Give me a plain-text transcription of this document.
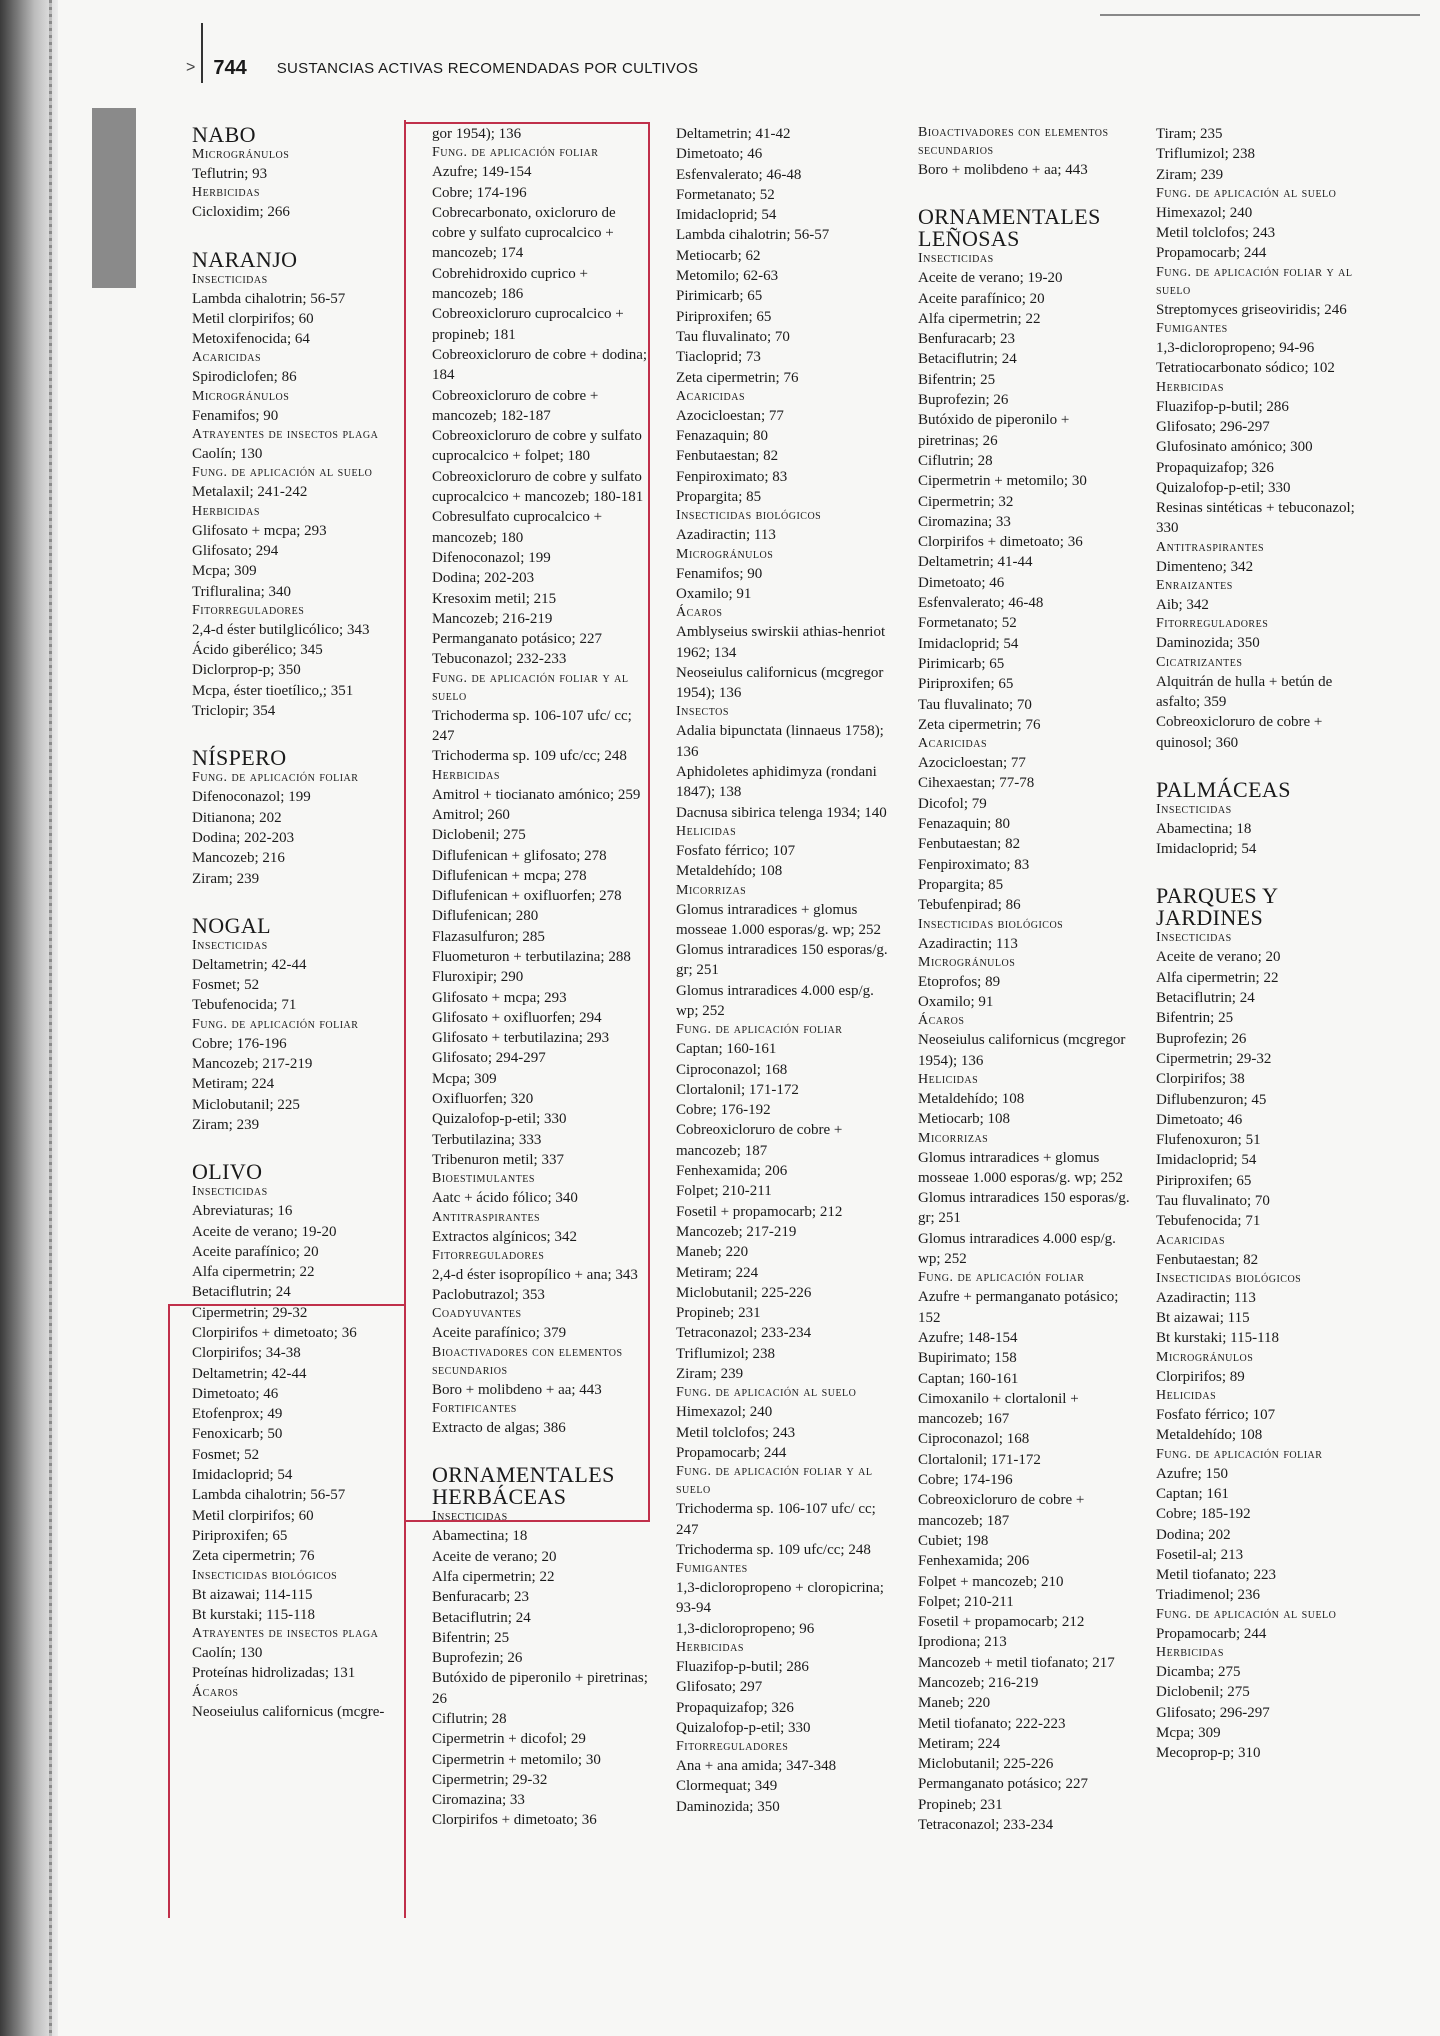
> 744 SUSTANCIAS ACTIVAS RECOMENDADAS POR CULTIVOS
NABO

Microgránulos

Teflutrin; 93

Herbicidas

Cicloxidim; 266

NARANJO

Insecticidas

Lambda cihalotrin; 56-57

Metil clorpirifos; 60

Metoxifenocida; 64

Acaricidas

Spirodiclofen; 86

Microgránulos

Fenamifos; 90

Atrayentes de insectos plaga

Caolín; 130

Fung. de aplicación al suelo

Metalaxil; 241-242

Herbicidas

Glifosato + mcpa; 293

Glifosato; 294

Mcpa; 309

Trifluralina; 340

Fitorreguladores

2,4-d éster butilglicólico; 343

Ácido giberélico; 345

Diclorprop-p; 350

Mcpa, éster tioetílico,; 351

Triclopir; 354

NÍSPERO

Fung. de aplicación foliar

Difenoconazol; 199

Ditianona; 202

Dodina; 202-203

Mancozeb; 216

Ziram; 239

NOGAL

Insecticidas

Deltametrin; 42-44

Fosmet; 52

Tebufenocida; 71

Fung. de aplicación foliar

Cobre; 176-196

Mancozeb; 217-219

Metiram; 224

Miclobutanil; 225

Ziram; 239

OLIVO

Insecticidas

Abreviaturas; 16

Aceite de verano; 19-20

Aceite parafínico; 20

Alfa cipermetrin; 22

Betaciflutrin; 24

Cipermetrin; 29-32

Clorpirifos + dimetoato; 36

Clorpirifos; 34-38

Deltametrin; 42-44

Dimetoato; 46

Etofenprox; 49

Fenoxicarb; 50

Fosmet; 52

Imidacloprid; 54

Lambda cihalotrin; 56-57

Metil clorpirifos; 60

Piriproxifen; 65

Zeta cipermetrin; 76

Insecticidas biológicos

Bt aizawai; 114-115

Bt kurstaki; 115-118

Atrayentes de insectos plaga

Caolín; 130

Proteínas hidrolizadas; 131

Ácaros

Neoseiulus californicus (mcgre-

gor 1954); 136

Fung. de aplicación foliar

Azufre; 149-154

Cobre; 174-196

Cobrecarbonato, oxicloruro de cobre y sulfato cuprocalcico + mancozeb; 174

Cobrehidroxido cuprico + mancozeb; 186

Cobreoxicloruro cuprocalcico + propineb; 181

Cobreoxicloruro de cobre + dodina; 184

Cobreoxicloruro de cobre + mancozeb; 182-187

Cobreoxicloruro de cobre y sulfato cuprocalcico + folpet; 180

Cobreoxicloruro de cobre y sulfato cuprocalcico + mancozeb; 180-181

Cobresulfato cuprocalcico + mancozeb; 180

Difenoconazol; 199

Dodina; 202-203

Kresoxim metil; 215

Mancozeb; 216-219

Permanganato potásico; 227

Tebuconazol; 232-233

Fung. de aplicación foliar y al suelo

Trichoderma sp. 106-107 ufc/ cc; 247

Trichoderma sp. 109 ufc/cc; 248

Herbicidas

Amitrol + tiocianato amónico; 259

Amitrol; 260

Diclobenil; 275

Diflufenican + glifosato; 278

Diflufenican + mcpa; 278

Diflufenican + oxifluorfen; 278

Diflufenican; 280

Flazasulfuron; 285

Fluometuron + terbutilazina; 288

Fluroxipir; 290

Glifosato + mcpa; 293

Glifosato + oxifluorfen; 294

Glifosato + terbutilazina; 293

Glifosato; 294-297

Mcpa; 309

Oxifluorfen; 320

Quizalofop-p-etil; 330

Terbutilazina; 333

Tribenuron metil; 337

Bioestimulantes

Aatc + ácido fólico; 340

Antitraspirantes

Extractos algínicos; 342

Fitorreguladores

2,4-d éster isopropílico + ana; 343

Paclobutrazol; 353

Coadyuvantes

Aceite parafínico; 379

Bioactivadores con elementos secundarios

Boro + molibdeno + aa; 443

Fortificantes

Extracto de algas; 386

ORNAMENTALES HERBÁCEAS

Insecticidas

Abamectina; 18

Aceite de verano; 20

Alfa cipermetrin; 22

Benfuracarb; 23

Betaciflutrin; 24

Bifentrin; 25

Buprofezin; 26

Butóxido de piperonilo + piretrinas; 26

Ciflutrin; 28

Cipermetrin + dicofol; 29

Cipermetrin + metomilo; 30

Cipermetrin; 29-32

Ciromazina; 33

Clorpirifos + dimetoato; 36

Deltametrin; 41-42

Dimetoato; 46

Esfenvalerato; 46-48

Formetanato; 52

Imidacloprid; 54

Lambda cihalotrin; 56-57

Metiocarb; 62

Metomilo; 62-63

Pirimicarb; 65

Piriproxifen; 65

Tau fluvalinato; 70

Tiacloprid; 73

Zeta cipermetrin; 76

Acaricidas

Azocicloestan; 77

Fenazaquin; 80

Fenbutaestan; 82

Fenpiroximato; 83

Propargita; 85

Insecticidas biológicos

Azadiractin; 113

Microgránulos

Fenamifos; 90

Oxamilo; 91

Ácaros

Amblyseius swirskii athias-henriot 1962; 134

Neoseiulus californicus (mcgregor 1954); 136

Insectos

Adalia bipunctata (linnaeus 1758); 136

Aphidoletes aphidimyza (rondani 1847); 138

Dacnusa sibirica telenga 1934; 140

Helicidas

Fosfato férrico; 107

Metaldehído; 108

Micorrizas

Glomus intraradices + glomus mosseae 1.000 esporas/g. wp; 252

Glomus intraradices 150 esporas/g. gr; 251

Glomus intraradices 4.000 esp/g. wp; 252

Fung. de aplicación foliar

Captan; 160-161

Ciproconazol; 168

Clortalonil; 171-172

Cobre; 176-192

Cobreoxicloruro de cobre + mancozeb; 187

Fenhexamida; 206

Folpet; 210-211

Fosetil + propamocarb; 212

Mancozeb; 217-219

Maneb; 220

Metiram; 224

Miclobutanil; 225-226

Propineb; 231

Tetraconazol; 233-234

Triflumizol; 238

Ziram; 239

Fung. de aplicación al suelo

Himexazol; 240

Metil tolclofos; 243

Propamocarb; 244

Fung. de aplicación foliar y al suelo

Trichoderma sp. 106-107 ufc/ cc; 247

Trichoderma sp. 109 ufc/cc; 248

Fumigantes

1,3-dicloropropeno + cloropicrina; 93-94

1,3-dicloropropeno; 96

Herbicidas

Fluazifop-p-butil; 286

Glifosato; 297

Propaquizafop; 326

Quizalofop-p-etil; 330

Fitorreguladores

Ana + ana amida; 347-348

Clormequat; 349

Daminozida; 350

Bioactivadores con elementos secundarios

Boro + molibdeno + aa; 443

ORNAMENTALES LEÑOSAS

Insecticidas

Aceite de verano; 19-20

Aceite parafínico; 20

Alfa cipermetrin; 22

Benfuracarb; 23

Betaciflutrin; 24

Bifentrin; 25

Buprofezin; 26

Butóxido de piperonilo + piretrinas; 26

Ciflutrin; 28

Cipermetrin + metomilo; 30

Cipermetrin; 32

Ciromazina; 33

Clorpirifos + dimetoato; 36

Deltametrin; 41-44

Dimetoato; 46

Esfenvalerato; 46-48

Formetanato; 52

Imidacloprid; 54

Pirimicarb; 65

Piriproxifen; 65

Tau fluvalinato; 70

Zeta cipermetrin; 76

Acaricidas

Azocicloestan; 77

Cihexaestan; 77-78

Dicofol; 79

Fenazaquin; 80

Fenbutaestan; 82

Fenpiroximato; 83

Propargita; 85

Tebufenpirad; 86

Insecticidas biológicos

Azadiractin; 113

Microgránulos

Etoprofos; 89

Oxamilo; 91

Ácaros

Neoseiulus californicus (mcgregor 1954); 136

Helicidas

Metaldehído; 108

Metiocarb; 108

Micorrizas

Glomus intraradices + glomus mosseae 1.000 esporas/g. wp; 252

Glomus intraradices 150 esporas/g. gr; 251

Glomus intraradices 4.000 esp/g. wp; 252

Fung. de aplicación foliar

Azufre + permanganato potásico; 152

Azufre; 148-154

Bupirimato; 158

Captan; 160-161

Cimoxanilo + clortalonil + mancozeb; 167

Ciproconazol; 168

Clortalonil; 171-172

Cobre; 174-196

Cobreoxicloruro de cobre + mancozeb; 187

Cubiet; 198

Fenhexamida; 206

Folpet + mancozeb; 210

Folpet; 210-211

Fosetil + propamocarb; 212

Iprodiona; 213

Mancozeb + metil tiofanato; 217

Mancozeb; 216-219

Maneb; 220

Metil tiofanato; 222-223

Metiram; 224

Miclobutanil; 225-226

Permanganato potásico; 227

Propineb; 231

Tetraconazol; 233-234

Tiram; 235

Triflumizol; 238

Ziram; 239

Fung. de aplicación al suelo

Himexazol; 240

Metil tolclofos; 243

Propamocarb; 244

Fung. de aplicación foliar y al suelo

Streptomyces griseoviridis; 246

Fumigantes

1,3-dicloropropeno; 94-96

Tetratiocarbonato sódico; 102

Herbicidas

Fluazifop-p-butil; 286

Glifosato; 296-297

Glufosinato amónico; 300

Propaquizafop; 326

Quizalofop-p-etil; 330

Resinas sintéticas + tebuconazol; 330

Antitraspirantes

Dimenteno; 342

Enraizantes

Aib; 342

Fitorreguladores

Daminozida; 350

Cicatrizantes

Alquitrán de hulla + betún de asfalto; 359

Cobreoxicloruro de cobre + quinosol; 360

PALMÁCEAS

Insecticidas

Abamectina; 18

Imidacloprid; 54

PARQUES Y JARDINES

Insecticidas

Aceite de verano; 20

Alfa cipermetrin; 22

Betaciflutrin; 24

Bifentrin; 25

Buprofezin; 26

Cipermetrin; 29-32

Clorpirifos; 38

Diflubenzuron; 45

Dimetoato; 46

Flufenoxuron; 51

Imidacloprid; 54

Piriproxifen; 65

Tau fluvalinato; 70

Tebufenocida; 71

Acaricidas

Fenbutaestan; 82

Insecticidas biológicos

Azadiractin; 113

Bt aizawai; 115

Bt kurstaki; 115-118

Microgránulos

Clorpirifos; 89

Helicidas

Fosfato férrico; 107

Metaldehído; 108

Fung. de aplicación foliar

Azufre; 150

Captan; 161

Cobre; 185-192

Dodina; 202

Fosetil-al; 213

Metil tiofanato; 223

Triadimenol; 236

Fung. de aplicación al suelo

Propamocarb; 244

Herbicidas

Dicamba; 275

Diclobenil; 275

Glifosato; 296-297

Mcpa; 309

Mecoprop-p; 310
